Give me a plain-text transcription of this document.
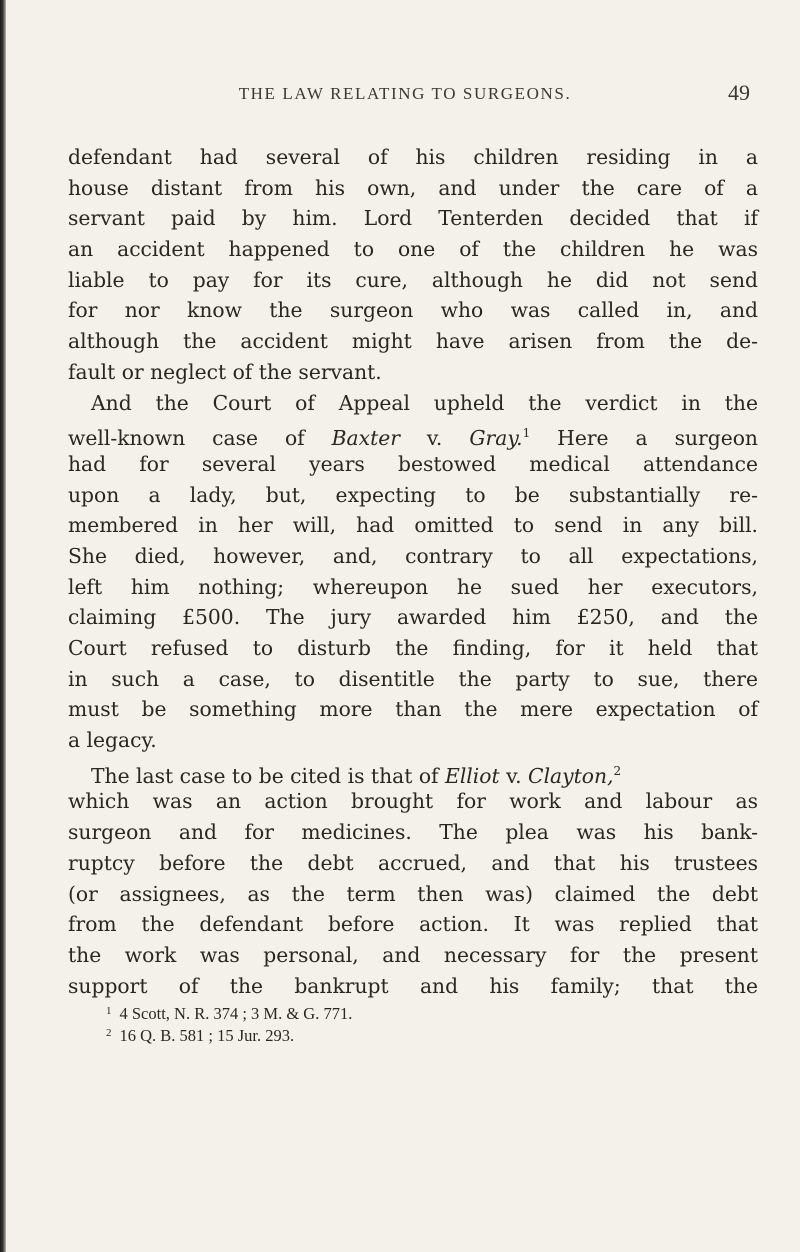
THE LAW RELATING TO SURGEONS.	49
defendant had several of his children residing in a
house distant from his own, and under the care of a
servant paid by him. Lord Tenterden decided that if
an accident happened to one of the children he was
liable to pay for its cure, although he did not send
for nor know the surgeon who was called in, and
although the accident might have arisen from the de-
fault or neglect of the servant.
And the Court of Appeal upheld the verdict in the
well-known case of Baxter v. Gray.$^1$ Here a surgeon
had for several years bestowed medical attendance
upon a lady, but, expecting to be substantially re-
membered in her will, had omitted to send in any bill.
She died, however, and, contrary to all expectations,
left him nothing; whereupon he sued her executors,
claiming £500. The jury awarded him £250, and the
Court refused to disturb the finding, for it held that
in such a case, to disentitle the party to sue, there
must be something more than the mere expectation of
a legacy.
The last case to be cited is that of Elliot v. Clayton,$^2$
which was an action brought for work and labour as
surgeon and for medicines. The plea was his bank-
ruptcy before the debt accrued, and that his trustees
(or assignees, as the term then was) claimed the debt
from the defendant before action. It was replied that
the work was personal, and necessary for the present
support of the bankrupt and his family; that the
$^1$ 4 Scott, N. R. 374 ; 3 M. & G. 771.
$^2$ 16 Q. B. 581 ; 15 Jur. 293.
